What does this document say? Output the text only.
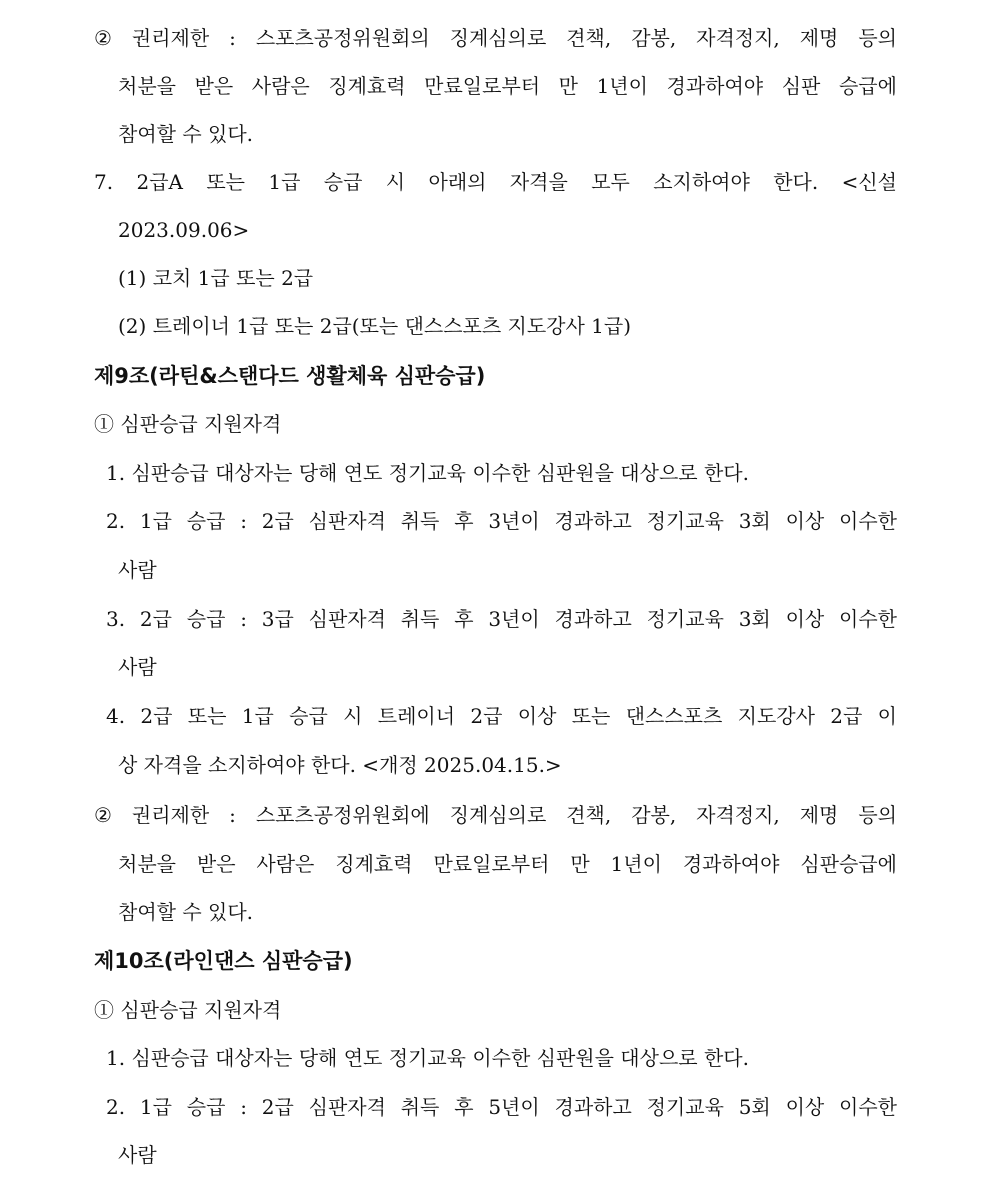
② 권리제한 : 스포츠공정위원회의 징계심의로 견책, 감봉, 자격정지, 제명 등의
처분을 받은 사람은 징계효력 만료일로부터 만 1년이 경과하여야 심판 승급에
참여할 수 있다.
7. 2급A 또는 1급 승급 시 아래의 자격을 모두 소지하여야 한다. <신설
2023.09.06>
(1) 코치 1급 또는 2급
(2) 트레이너 1급 또는 2급(또는 댄스스포츠 지도강사 1급)
제9조(라틴&스탠다드 생활체육 심판승급)
① 심판승급 지원자격
1. 심판승급 대상자는 당해 연도 정기교육 이수한 심판원을 대상으로 한다.
2. 1급 승급 : 2급 심판자격 취득 후 3년이 경과하고 정기교육 3회 이상 이수한
사람
3. 2급 승급 : 3급 심판자격 취득 후 3년이 경과하고 정기교육 3회 이상 이수한
사람
4. 2급 또는 1급 승급 시 트레이너 2급 이상 또는 댄스스포츠 지도강사 2급 이
상 자격을 소지하여야 한다. <개정 2025.04.15.>
② 권리제한 : 스포츠공정위원회에 징계심의로 견책, 감봉, 자격정지, 제명 등의
처분을 받은 사람은 징계효력 만료일로부터 만 1년이 경과하여야 심판승급에
참여할 수 있다.
제10조(라인댄스 심판승급)
① 심판승급 지원자격
1. 심판승급 대상자는 당해 연도 정기교육 이수한 심판원을 대상으로 한다.
2. 1급 승급 : 2급 심판자격 취득 후 5년이 경과하고 정기교육 5회 이상 이수한
사람
